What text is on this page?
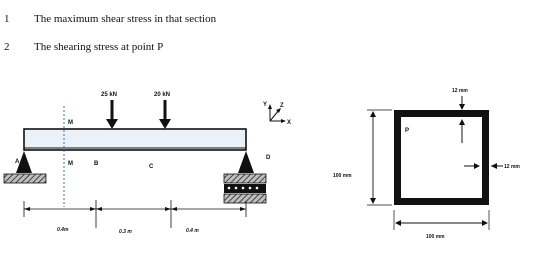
1 The maximum shear stress in that section
2 The shearing stress at point P
25 kN	20 kN
M
M
A	B	C
D
Y Z
X
0.4m	0.3 m	0.4 m
P
12 mm
12 mm
100 mm
100 mm
